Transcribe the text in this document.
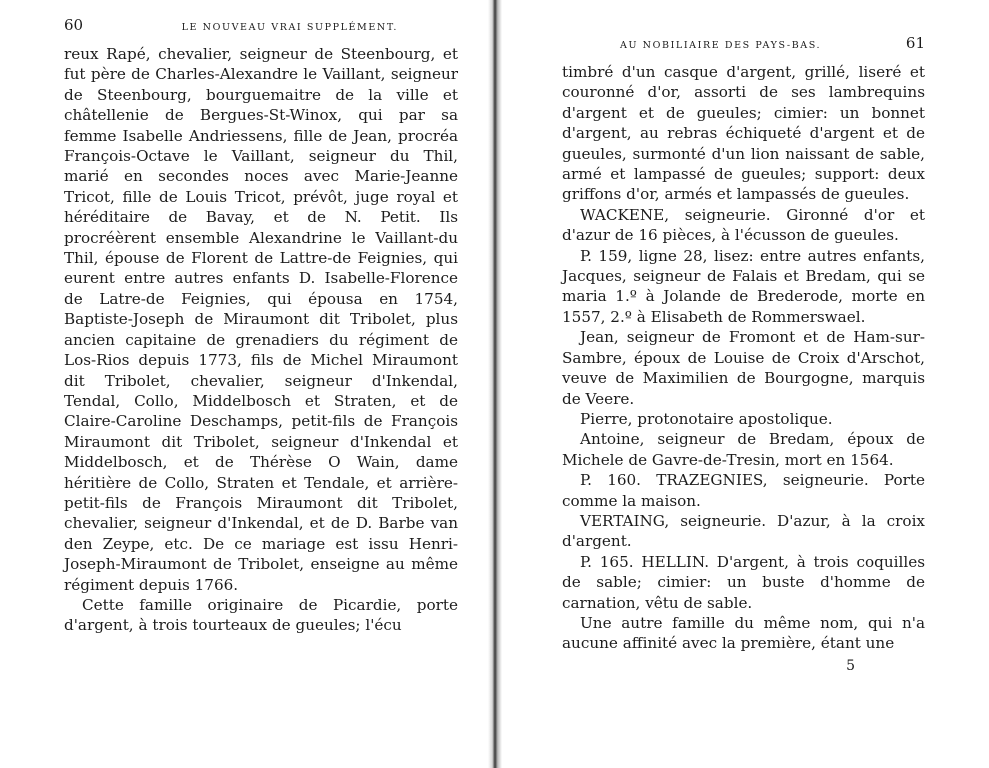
60	LE NOUVEAU VRAI SUPPLÉMENT.

reux Rapé, chevalier, seigneur de Steenbourg, et fut père de Charles-Alexandre le Vaillant, seigneur de Steenbourg, bourguemaitre de la ville et châtellenie de Bergues-St-Winox, qui par sa femme Isabelle Andriessens, fille de Jean, procréa François-Octave le Vaillant, seigneur du Thil, marié en secondes noces avec Marie-Jeanne Tricot, fille de Louis Tricot, prévôt, juge royal et héréditaire de Bavay, et de N. Petit. Ils procréèrent ensemble Alexandrine le Vaillant-du Thil, épouse de Florent de Lattre-de Feignies, qui eurent entre autres enfants D. Isabelle-Florence de Latre-de Feignies, qui épousa en 1754, Baptiste-Joseph de Miraumont dit Tribolet, plus ancien capitaine de grenadiers du régiment de Los-Rios depuis 1773, fils de Michel Miraumont dit Tribolet, chevalier, seigneur d'Inkendal, Tendal, Collo, Middelbosch et Straten, et de Claire-Caroline Deschamps, petit-fils de François Miraumont dit Tribolet, seigneur d'Inkendal et Middelbosch, et de Thérèse O Wain, dame héritière de Collo, Straten et Tendale, et arrière-petit-fils de François Miraumont dit Tribolet, chevalier, seigneur d'Inkendal, et de D. Barbe van den Zeype, etc. De ce mariage est issu Henri-Joseph-Miraumont de Tribolet, enseigne au même régiment depuis 1766.

Cette famille originaire de Picardie, porte d'argent, à trois tourteaux de gueules; l'écu

AU NOBILIAIRE DES PAYS-BAS.	61

timbré d'un casque d'argent, grillé, liseré et couronné d'or, assorti de ses lambrequins d'argent et de gueules; cimier: un bonnet d'argent, au rebras échiqueté d'argent et de gueules, surmonté d'un lion naissant de sable, armé et lampassé de gueules; support: deux griffons d'or, armés et lampassés de gueules.

WACKENE, seigneurie. Gironné d'or et d'azur de 16 pièces, à l'écusson de gueules.

P. 159, ligne 28, lisez: entre autres enfants, Jacques, seigneur de Falais et Bredam, qui se maria 1.º à Jolande de Brederode, morte en 1557, 2.º à Elisabeth de Rommerswael.

Jean, seigneur de Fromont et de Ham-sur-Sambre, époux de Louise de Croix d'Arschot, veuve de Maximilien de Bourgogne, marquis de Veere.

Pierre, protonotaire apostolique.

Antoine, seigneur de Bredam, époux de Michele de Gavre-de-Tresin, mort en 1564.

P. 160. TRAZEGNIES, seigneurie. Porte comme la maison.

VERTAING, seigneurie. D'azur, à la croix d'argent.

P. 165. HELLIN. D'argent, à trois coquilles de sable; cimier: un buste d'homme de carnation, vêtu de sable.

Une autre famille du même nom, qui n'a aucune affinité avec la première, étant une

5
